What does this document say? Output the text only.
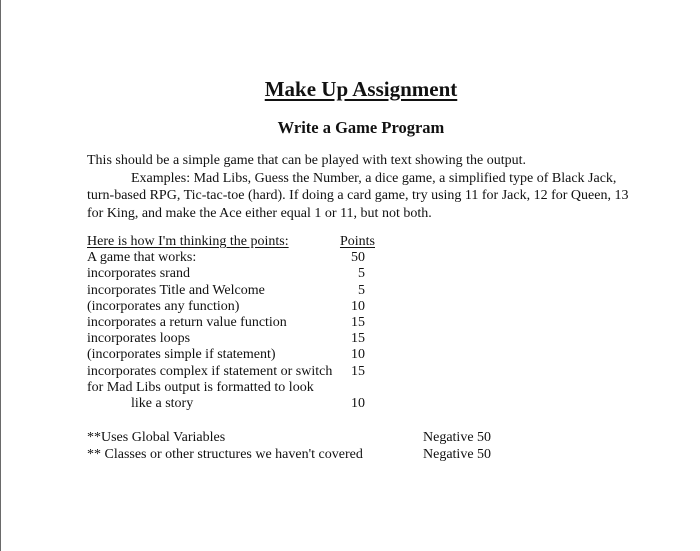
Make Up Assignment
Write a Game Program

This should be a simple game that can be played with text showing the output.

Examples: Mad Libs, Guess the Number, a dice game, a simplified type of Black Jack, turn-based RPG, Tic-tac-toe (hard). If doing a card game, try using 11 for Jack, 12 for Queen, 13 for King, and make the Ace either equal 1 or 11, but not both.

Here is how I'm thinking the points:	Points
A game that works:	50
incorporates srand	5
incorporates Title and Welcome	5
(incorporates any function)	10
incorporates a return value function	15
incorporates loops	15
(incorporates simple if statement)	10
incorporates complex if statement or switch 15
for Mad Libs output is formatted to look
like a story	10
**Uses Global Variables	Negative 50
** Classes or other structures we haven't covered	Negative 50
